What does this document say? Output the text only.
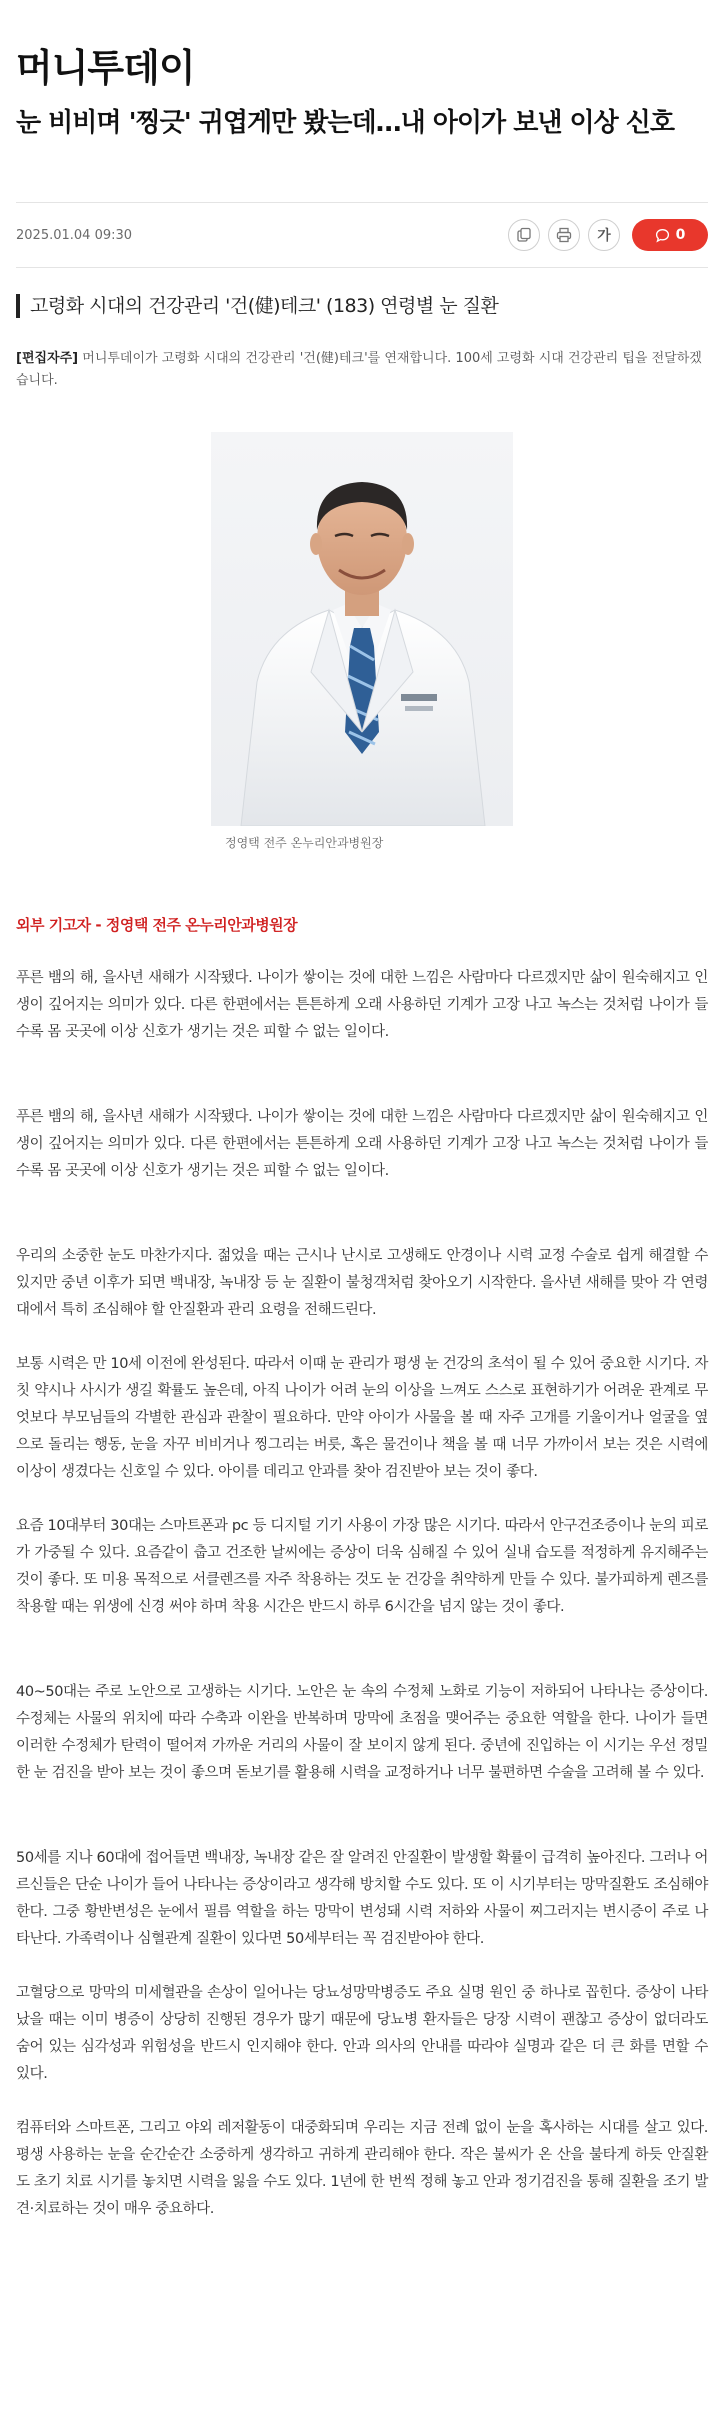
머니투데이
눈 비비며 '찡긋' 귀엽게만 봤는데…내 아이가 보낸 이상 신호
2025.01.04 09:30	가	0
고령화 시대의 건강관리 '건(健)테크' (183) 연령별 눈 질환

[편집자주] 머니투데이가 고령화 시대의 건강관리 '건(健)테크'를 연재합니다. 100세 고령화 시대 건강관리 팁을 전달하겠습니다.

정영택 전주 온누리안과병원장

외부 기고자 - 정영택 전주 온누리안과병원장

푸른 뱀의 해, 을사년 새해가 시작됐다. 나이가 쌓이는 것에 대한 느낌은 사람마다 다르겠지만 삶이 원숙해지고 인생이 깊어지는 의미가 있다. 다른 한편에서는 튼튼하게 오래 사용하던 기계가 고장 나고 녹스는 것처럼 나이가 들수록 몸 곳곳에 이상 신호가 생기는 것은 피할 수 없는 일이다.

푸른 뱀의 해, 을사년 새해가 시작됐다. 나이가 쌓이는 것에 대한 느낌은 사람마다 다르겠지만 삶이 원숙해지고 인생이 깊어지는 의미가 있다. 다른 한편에서는 튼튼하게 오래 사용하던 기계가 고장 나고 녹스는 것처럼 나이가 들수록 몸 곳곳에 이상 신호가 생기는 것은 피할 수 없는 일이다.

우리의 소중한 눈도 마찬가지다. 젊었을 때는 근시나 난시로 고생해도 안경이나 시력 교정 수술로 쉽게 해결할 수 있지만 중년 이후가 되면 백내장, 녹내장 등 눈 질환이 불청객처럼 찾아오기 시작한다. 을사년 새해를 맞아 각 연령대에서 특히 조심해야 할 안질환과 관리 요령을 전해드린다.

보통 시력은 만 10세 이전에 완성된다. 따라서 이때 눈 관리가 평생 눈 건강의 초석이 될 수 있어 중요한 시기다. 자칫 약시나 사시가 생길 확률도 높은데, 아직 나이가 어려 눈의 이상을 느껴도 스스로 표현하기가 어려운 관계로 무엇보다 부모님들의 각별한 관심과 관찰이 필요하다. 만약 아이가 사물을 볼 때 자주 고개를 기울이거나 얼굴을 옆으로 돌리는 행동, 눈을 자꾸 비비거나 찡그리는 버릇, 혹은 물건이나 책을 볼 때 너무 가까이서 보는 것은 시력에 이상이 생겼다는 신호일 수 있다. 아이를 데리고 안과를 찾아 검진받아 보는 것이 좋다.

요즘 10대부터 30대는 스마트폰과 pc 등 디지털 기기 사용이 가장 많은 시기다. 따라서 안구건조증이나 눈의 피로가 가중될 수 있다. 요즘같이 춥고 건조한 날씨에는 증상이 더욱 심해질 수 있어 실내 습도를 적정하게 유지해주는 것이 좋다. 또 미용 목적으로 서클렌즈를 자주 착용하는 것도 눈 건강을 취약하게 만들 수 있다. 불가피하게 렌즈를 착용할 때는 위생에 신경 써야 하며 착용 시간은 반드시 하루 6시간을 넘지 않는 것이 좋다.

40~50대는 주로 노안으로 고생하는 시기다. 노안은 눈 속의 수정체 노화로 기능이 저하되어 나타나는 증상이다. 수정체는 사물의 위치에 따라 수축과 이완을 반복하며 망막에 초점을 맺어주는 중요한 역할을 한다. 나이가 들면 이러한 수정체가 탄력이 떨어져 가까운 거리의 사물이 잘 보이지 않게 된다. 중년에 진입하는 이 시기는 우선 정밀한 눈 검진을 받아 보는 것이 좋으며 돋보기를 활용해 시력을 교정하거나 너무 불편하면 수술을 고려해 볼 수 있다.

50세를 지나 60대에 접어들면 백내장, 녹내장 같은 잘 알려진 안질환이 발생할 확률이 급격히 높아진다. 그러나 어르신들은 단순 나이가 들어 나타나는 증상이라고 생각해 방치할 수도 있다. 또 이 시기부터는 망막질환도 조심해야 한다. 그중 황반변성은 눈에서 필름 역할을 하는 망막이 변성돼 시력 저하와 사물이 찌그러지는 변시증이 주로 나타난다. 가족력이나 심혈관계 질환이 있다면 50세부터는 꼭 검진받아야 한다.

고혈당으로 망막의 미세혈관을 손상이 일어나는 당뇨성망막병증도 주요 실명 원인 중 하나로 꼽힌다. 증상이 나타났을 때는 이미 병증이 상당히 진행된 경우가 많기 때문에 당뇨병 환자들은 당장 시력이 괜찮고 증상이 없더라도 숨어 있는 심각성과 위험성을 반드시 인지해야 한다. 안과 의사의 안내를 따라야 실명과 같은 더 큰 화를 면할 수 있다.

컴퓨터와 스마트폰, 그리고 야외 레저활동이 대중화되며 우리는 지금 전례 없이 눈을 혹사하는 시대를 살고 있다. 평생 사용하는 눈을 순간순간 소중하게 생각하고 귀하게 관리해야 한다. 작은 불씨가 온 산을 불타게 하듯 안질환도 초기 치료 시기를 놓치면 시력을 잃을 수도 있다. 1년에 한 번씩 정해 놓고 안과 정기검진을 통해 질환을 조기 발견·치료하는 것이 매우 중요하다.
